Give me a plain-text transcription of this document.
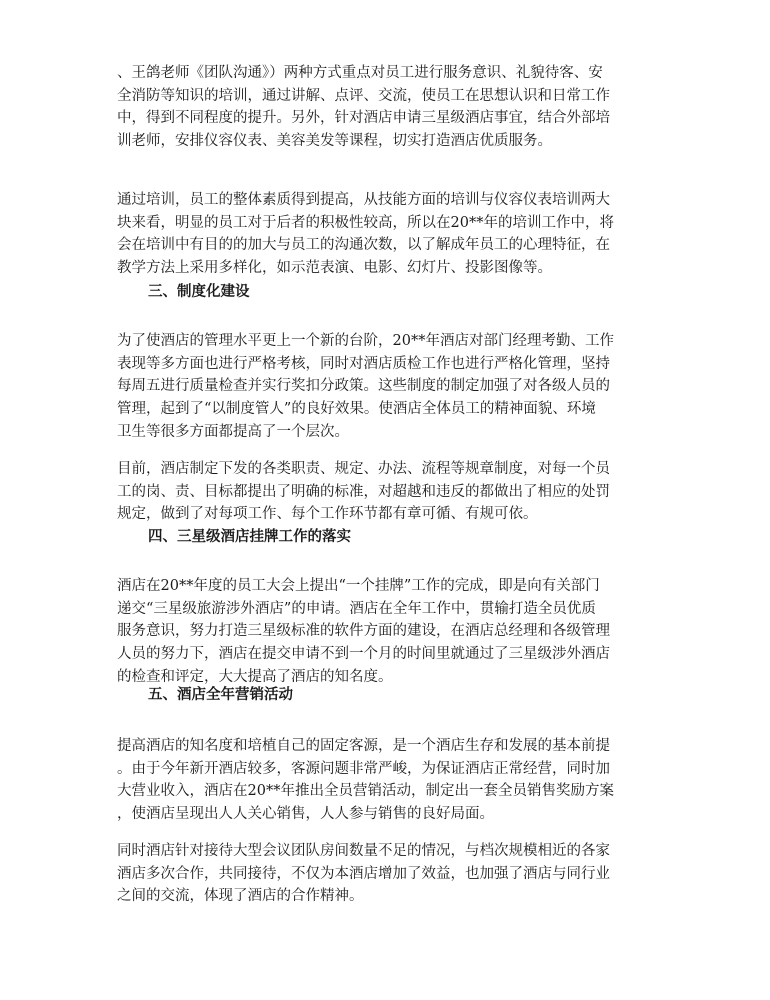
、王鸽老师《团队沟通》）两种方式重点对员工进行服务意识、礼貌待客、安
全消防等知识的培训，通过讲解、点评、交流，使员工在思想认识和日常工作
中，得到不同程度的提升。另外，针对酒店申请三星级酒店事宜，结合外部培
训老师，安排仪容仪表、美容美发等课程，切实打造酒店优质服务。
通过培训，员工的整体素质得到提高，从技能方面的培训与仪容仪表培训两大
块来看，明显的员工对于后者的积极性较高，所以在20**年的培训工作中，将
会在培训中有目的的加大与员工的沟通次数，以了解成年员工的心理特征，在
教学方法上采用多样化，如示范表演、电影、幻灯片、投影图像等。
三、制度化建设
为了使酒店的管理水平更上一个新的台阶，20**年酒店对部门经理考勤、工作
表现等多方面也进行严格考核，同时对酒店质检工作也进行严格化管理，坚持
每周五进行质量检查并实行奖扣分政策。这些制度的制定加强了对各级人员的
管理，起到了“以制度管人”的良好效果。使酒店全体员工的精神面貌、环境
卫生等很多方面都提高了一个层次。
目前，酒店制定下发的各类职责、规定、办法、流程等规章制度，对每一个员
工的岗、责、目标都提出了明确的标准，对超越和违反的都做出了相应的处罚
规定，做到了对每项工作、每个工作环节都有章可循、有规可依。
四、三星级酒店挂牌工作的落实
酒店在20**年度的员工大会上提出“一个挂牌”工作的完成，即是向有关部门
递交“三星级旅游涉外酒店”的申请。酒店在全年工作中，贯输打造全员优质
服务意识，努力打造三星级标准的软件方面的建设，在酒店总经理和各级管理
人员的努力下，酒店在提交申请不到一个月的时间里就通过了三星级涉外酒店
的检查和评定，大大提高了酒店的知名度。
五、酒店全年营销活动
提高酒店的知名度和培植自己的固定客源，是一个酒店生存和发展的基本前提
。由于今年新开酒店较多，客源问题非常严峻，为保证酒店正常经营，同时加
大营业收入，酒店在20**年推出全员营销活动，制定出一套全员销售奖励方案
，使酒店呈现出人人关心销售，人人参与销售的良好局面。
同时酒店针对接待大型会议团队房间数量不足的情况，与档次规模相近的各家
酒店多次合作，共同接待，不仅为本酒店增加了效益，也加强了酒店与同行业
之间的交流，体现了酒店的合作精神。
